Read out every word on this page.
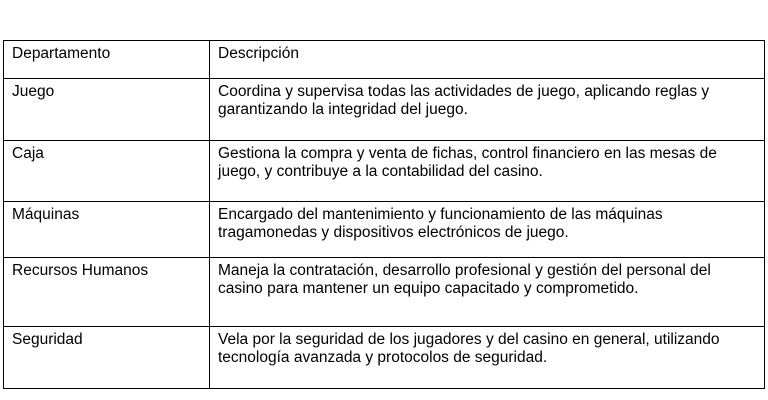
Departamento	Descripción
Juego	Coordina y supervisa todas las actividades de juego, aplicando reglas y garantizando la integridad del juego.
Caja	Gestiona la compra y venta de fichas, control financiero en las mesas de juego, y contribuye a la contabilidad del casino.
Máquinas	Encargado del mantenimiento y funcionamiento de las máquinas tragamonedas y dispositivos electrónicos de juego.
Recursos Humanos	Maneja la contratación, desarrollo profesional y gestión del personal del casino para mantener un equipo capacitado y comprometido.
Seguridad	Vela por la seguridad de los jugadores y del casino en general, utilizando tecnología avanzada y protocolos de seguridad.
